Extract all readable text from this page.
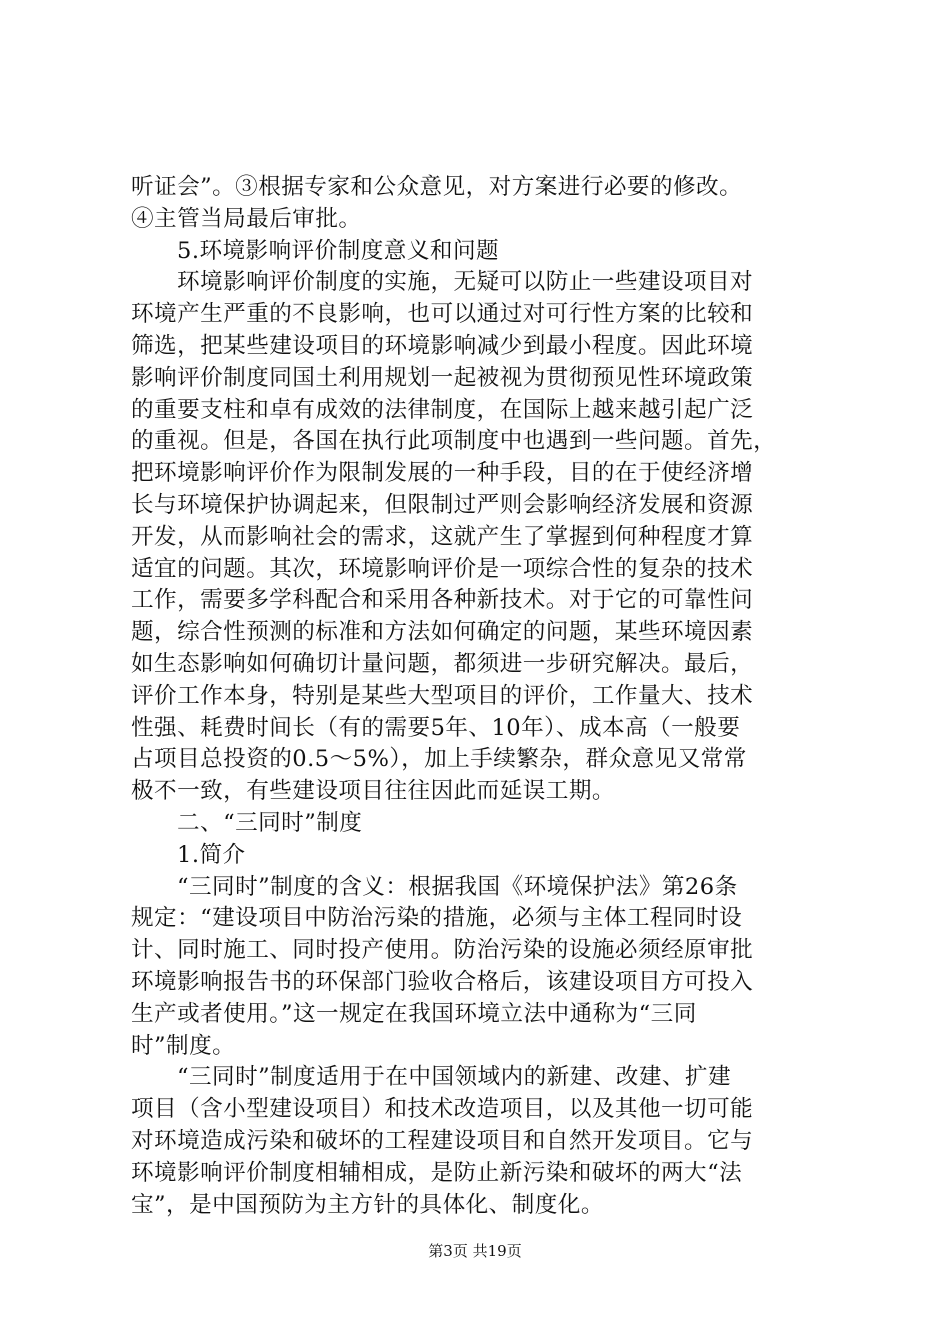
听证会”。③根据专家和公众意见，对方案进行必要的修改。
④主管当局最后审批。
5.环境影响评价制度意义和问题
环境影响评价制度的实施，无疑可以防止一些建设项目对
环境产生严重的不良影响，也可以通过对可行性方案的比较和
筛选，把某些建设项目的环境影响减少到最小程度。因此环境
影响评价制度同国土利用规划一起被视为贯彻预见性环境政策
的重要支柱和卓有成效的法律制度，在国际上越来越引起广泛
的重视。但是，各国在执行此项制度中也遇到一些问题。首先，
把环境影响评价作为限制发展的一种手段，目的在于使经济增
长与环境保护协调起来，但限制过严则会影响经济发展和资源
开发，从而影响社会的需求，这就产生了掌握到何种程度才算
适宜的问题。其次，环境影响评价是一项综合性的复杂的技术
工作，需要多学科配合和采用各种新技术。对于它的可靠性问
题，综合性预测的标准和方法如何确定的问题，某些环境因素
如生态影响如何确切计量问题，都须进一步研究解决。最后，
评价工作本身，特别是某些大型项目的评价，工作量大、技术
性强、耗费时间长（有的需要5年、10年）、成本高（一般要
占项目总投资的0.5～5%），加上手续繁杂，群众意见又常常
极不一致，有些建设项目往往因此而延误工期。
二、“三同时”制度
1.简介
“三同时”制度的含义：根据我国《环境保护法》第26条
规定：“建设项目中防治污染的措施，必须与主体工程同时设
计、同时施工、同时投产使用。防治污染的设施必须经原审批
环境影响报告书的环保部门验收合格后，该建设项目方可投入
生产或者使用。”这一规定在我国环境立法中通称为“三同
时”制度。
“三同时”制度适用于在中国领域内的新建、改建、扩建
项目（含小型建设项目）和技术改造项目，以及其他一切可能
对环境造成污染和破坏的工程建设项目和自然开发项目。它与
环境影响评价制度相辅相成，是防止新污染和破坏的两大“法
宝”，是中国预防为主方针的具体化、制度化。
第3页 共19页
